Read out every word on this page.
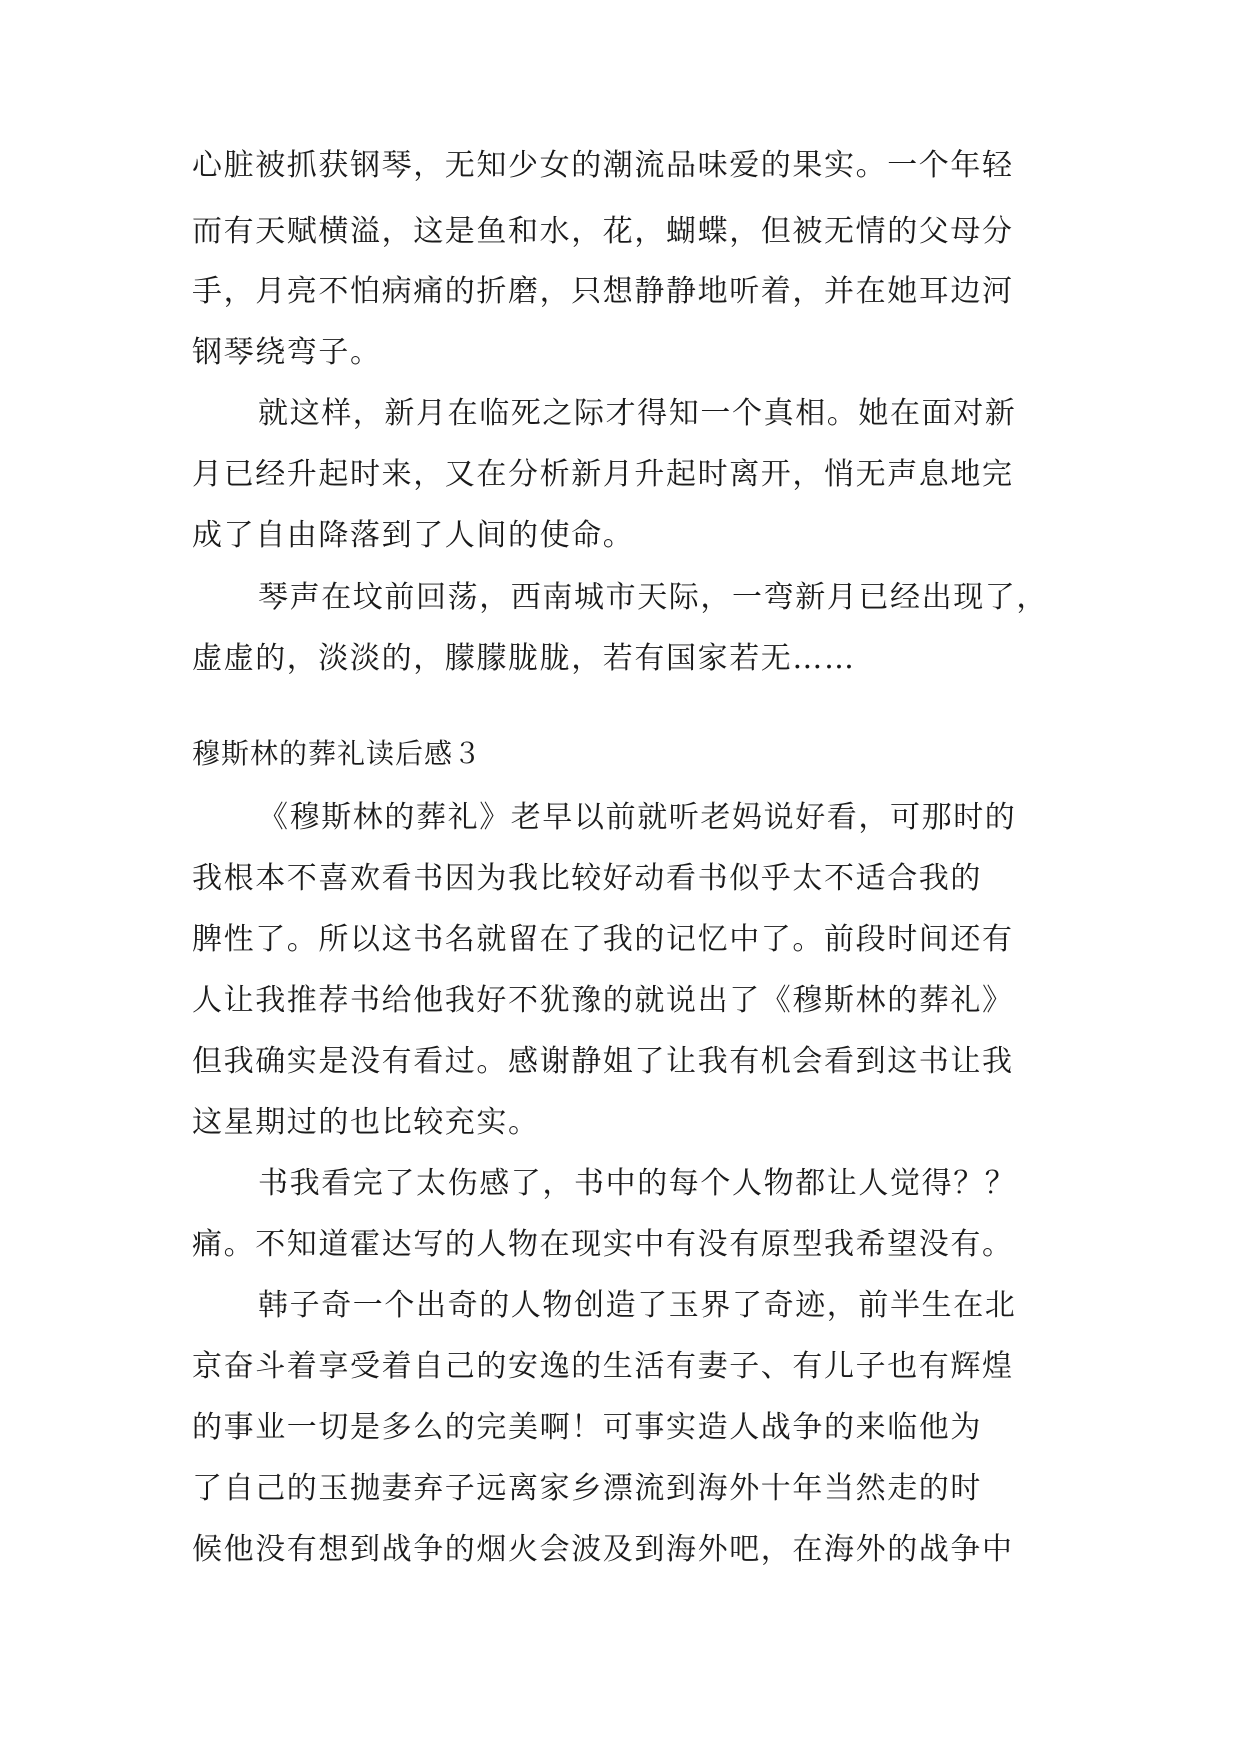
心脏被抓获钢琴，无知少女的潮流品味爱的果实。一个年轻
而有天赋横溢，这是鱼和水，花，蝴蝶，但被无情的父母分
手，月亮不怕病痛的折磨，只想静静地听着，并在她耳边河
钢琴绕弯子。
就这样，新月在临死之际才得知一个真相。她在面对新
月已经升起时来，又在分析新月升起时离开，悄无声息地完
成了自由降落到了人间的使命。
琴声在坟前回荡，西南城市天际，一弯新月已经出现了，
虚虚的，淡淡的，朦朦胧胧，若有国家若无……
穆斯林的葬礼读后感３
《穆斯林的葬礼》老早以前就听老妈说好看，可那时的
我根本不喜欢看书因为我比较好动看书似乎太不适合我的
脾性了。所以这书名就留在了我的记忆中了。前段时间还有
人让我推荐书给他我好不犹豫的就说出了《穆斯林的葬礼》
但我确实是没有看过。感谢静姐了让我有机会看到这书让我
这星期过的也比较充实。
书我看完了太伤感了，书中的每个人物都让人觉得？？
痛。不知道霍达写的人物在现实中有没有原型我希望没有。
韩子奇一个出奇的人物创造了玉界了奇迹，前半生在北
京奋斗着享受着自己的安逸的生活有妻子、有儿子也有辉煌
的事业一切是多么的完美啊！可事实造人战争的来临他为
了自己的玉抛妻弃子远离家乡漂流到海外十年当然走的时
候他没有想到战争的烟火会波及到海外吧，在海外的战争中
